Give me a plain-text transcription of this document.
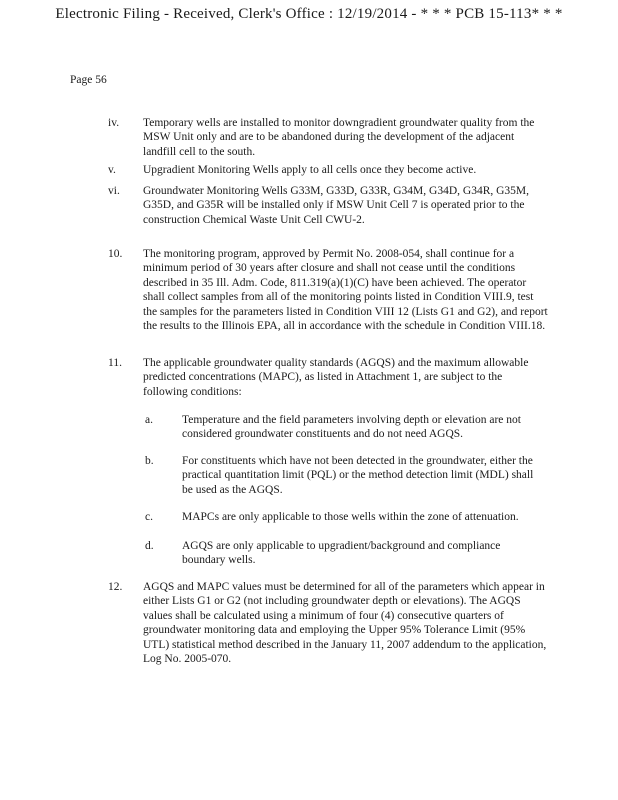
Electronic Filing - Received, Clerk's Office : 12/19/2014 - * * * PCB 15-113* * *
Page 56
iv. Temporary wells are installed to monitor downgradient groundwater quality from the MSW Unit only and are to be abandoned during the development of the adjacent landfill cell to the south.
v. Upgradient Monitoring Wells apply to all cells once they become active.
vi. Groundwater Monitoring Wells G33M, G33D, G33R, G34M, G34D, G34R, G35M, G35D, and G35R will be installed only if MSW Unit Cell 7 is operated prior to the construction Chemical Waste Unit Cell CWU-2.
10. The monitoring program, approved by Permit No. 2008-054, shall continue for a minimum period of 30 years after closure and shall not cease until the conditions described in 35 Ill. Adm. Code, 811.319(a)(1)(C) have been achieved. The operator shall collect samples from all of the monitoring points listed in Condition VIII.9, test the samples for the parameters listed in Condition VIII 12 (Lists G1 and G2), and report the results to the Illinois EPA, all in accordance with the schedule in Condition VIII.18.
11. The applicable groundwater quality standards (AGQS) and the maximum allowable predicted concentrations (MAPC), as listed in Attachment 1, are subject to the following conditions:
a.	Temperature and the field parameters involving depth or elevation are not considered groundwater constituents and do not need AGQS.
b. For constituents which have not been detected in the groundwater, either the practical quantitation limit (PQL) or the method detection limit (MDL) shall be used as the AGQS.
c.	MAPCs are only applicable to those wells within the zone of attenuation.
d. AGQS are only applicable to upgradient/background and compliance boundary wells.
12. AGQS and MAPC values must be determined for all of the parameters which appear in either Lists G1 or G2 (not including groundwater depth or elevations). The AGQS values shall be calculated using a minimum of four (4) consecutive quarters of groundwater monitoring data and employing the Upper 95% Tolerance Limit (95% UTL) statistical method described in the January 11, 2007 addendum to the application, Log No. 2005-070.
